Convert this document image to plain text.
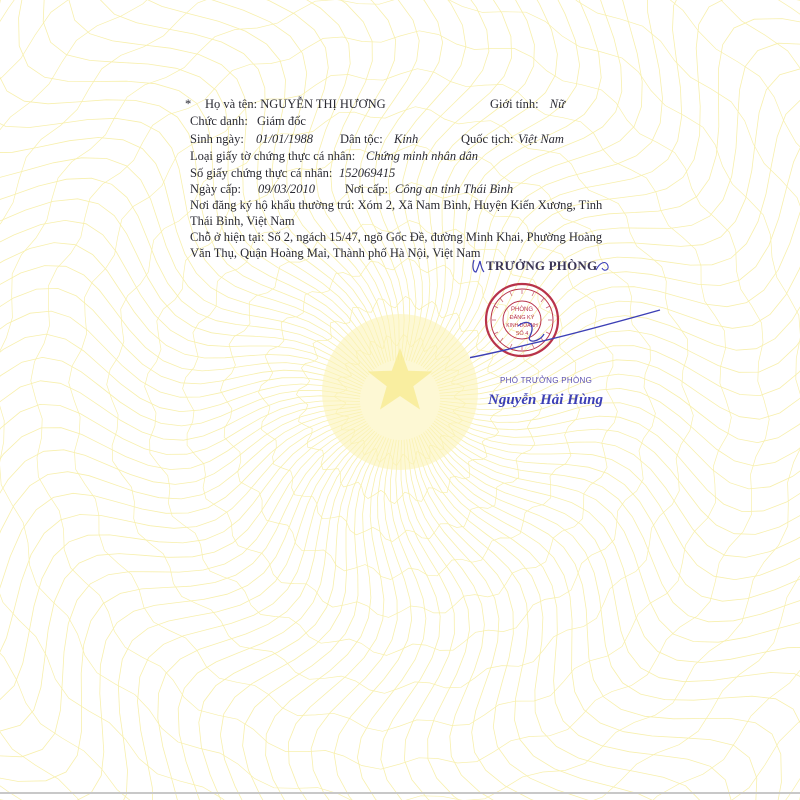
* Họ và tên: NGUYỄN THỊ HƯƠNG	Giới tính: Nữ
Chức danh: Giám đốc
Sinh ngày: 01/01/1988 Dân tộc: Kinh	Quốc tịch: Việt Nam
Loại giấy tờ chứng thực cá nhân: Chứng minh nhân dân
Số giấy chứng thực cá nhân: 152069415
Ngày cấp: 09/03/2010 Nơi cấp: Công an tỉnh Thái Bình
Nơi đăng ký hộ khẩu thường trú: Xóm 2, Xã Nam Bình, Huyện Kiến Xương, Tỉnh
Thái Bình, Việt Nam
Chỗ ở hiện tại: Số 2, ngách 15/47, ngõ Gốc Đề, đường Minh Khai, Phường Hoàng
Văn Thụ, Quận Hoàng Mai, Thành phố Hà Nội, Việt Nam
PHÒNG
ĐĂNG KÝ
KINH DOANH
SỐ 4
TRƯỞNG PHÒNG
PHÓ TRƯỞNG PHÒNG
Nguyễn Hải Hùng
